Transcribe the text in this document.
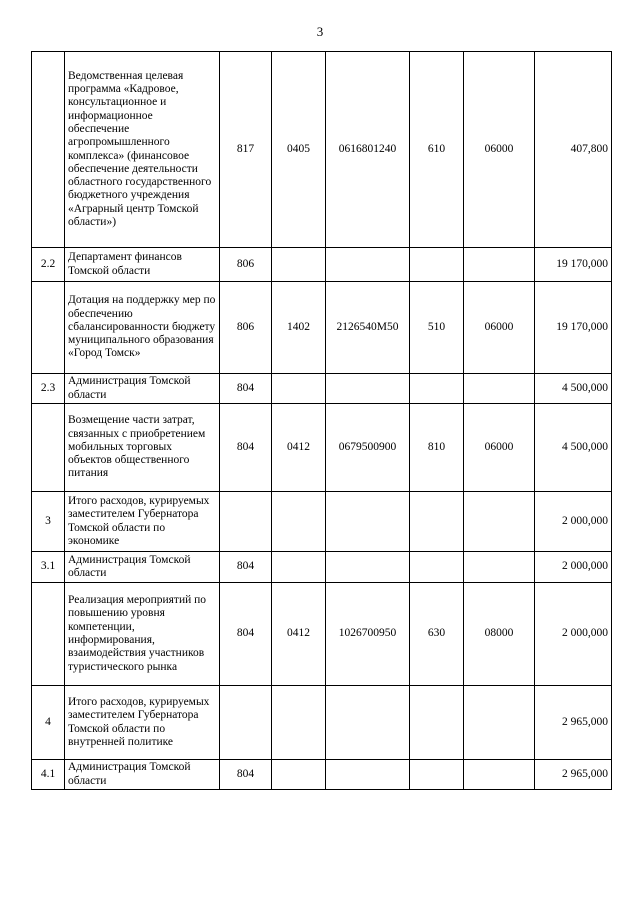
3
	Ведомственная целевая программа «Кадровое, консультационное и информационное обеспечение агропромышленного комплекса» (финансовое обеспечение деятельности областного государственного бюджетного учреждения «Аграрный центр Томской области»)	817	0405	0616801240	610	06000	407,800
2.2	Департамент финансов Томской области	806					19 170,000
	Дотация на поддержку мер по обеспечению сбалансированности бюджету муниципального образования «Город Томск»	806	1402	2126540M50	510	06000	19 170,000
2.3	Администрация Томской области	804					4 500,000
	Возмещение части затрат, связанных с приобретением мобильных торговых объектов общественного питания	804	0412	0679500900	810	06000	4 500,000
3	Итого расходов, курируемых заместителем Губернатора Томской области по экономике						2 000,000
3.1	Администрация Томской области	804					2 000,000
	Реализация мероприятий по повышению уровня компетенции, информирования, взаимодействия участников туристического рынка	804	0412	1026700950	630	08000	2 000,000
4	Итого расходов, курируемых заместителем Губернатора Томской области по внутренней политике						2 965,000
4.1	Администрация Томской области	804					2 965,000
